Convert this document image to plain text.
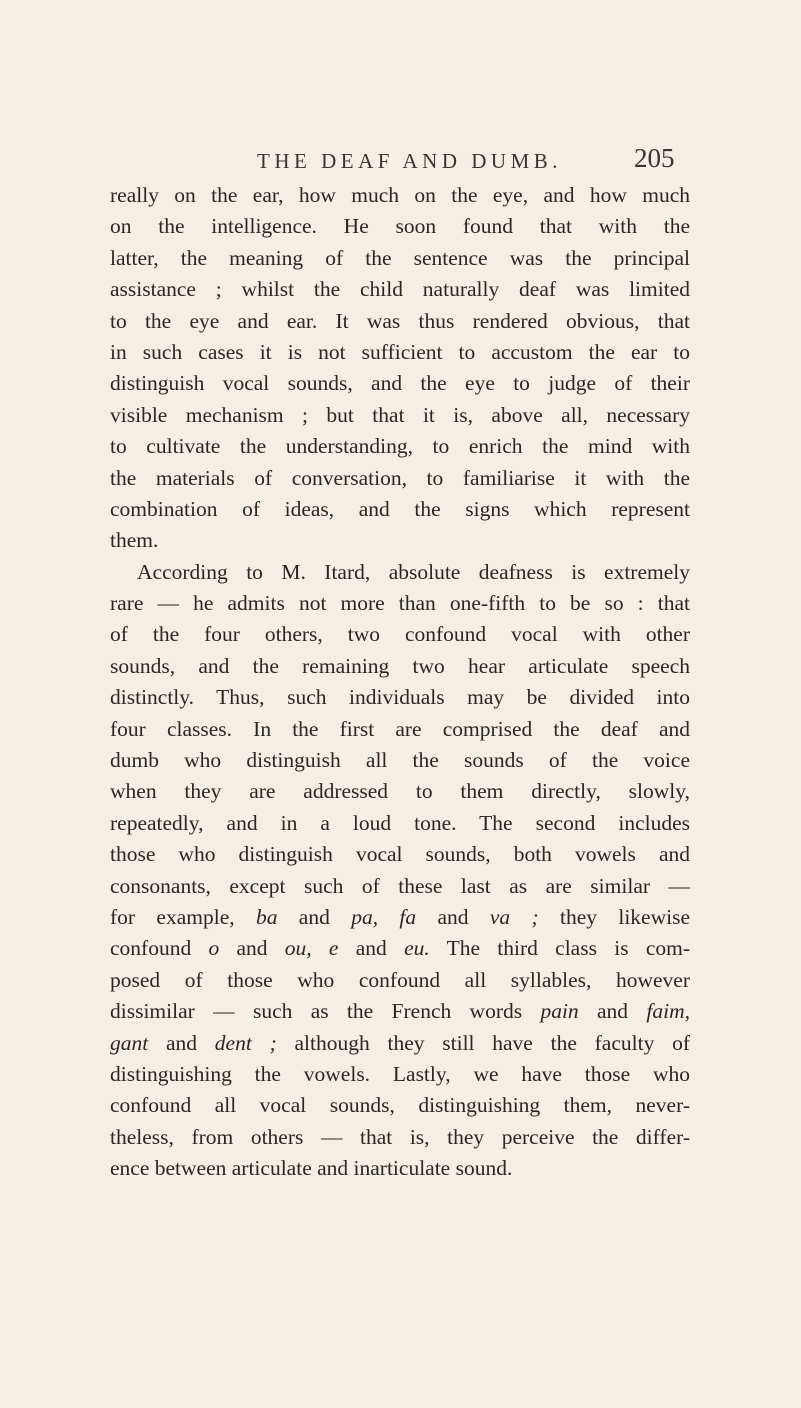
THE DEAF AND DUMB.	205
really on the ear, how much on the eye, and how much
on the intelligence. He soon found that with the
latter, the meaning of the sentence was the principal
assistance ; whilst the child naturally deaf was limited
to the eye and ear. It was thus rendered obvious, that
in such cases it is not sufficient to accustom the ear to
distinguish vocal sounds, and the eye to judge of their
visible mechanism ; but that it is, above all, necessary
to cultivate the understanding, to enrich the mind with
the materials of conversation, to familiarise it with the
combination of ideas, and the signs which represent
them.
According to M. Itard, absolute deafness is extremely
rare — he admits not more than one-fifth to be so : that
of the four others, two confound vocal with other
sounds, and the remaining two hear articulate speech
distinctly. Thus, such individuals may be divided into
four classes. In the first are comprised the deaf and
dumb who distinguish all the sounds of the voice
when they are addressed to them directly, slowly,
repeatedly, and in a loud tone. The second includes
those who distinguish vocal sounds, both vowels and
consonants, except such of these last as are similar —
for example, ba and pa, fa and va ; they likewise
confound o and ou, e and eu. The third class is com-
posed of those who confound all syllables, however
dissimilar — such as the French words pain and faim,
gant and dent ; although they still have the faculty of
distinguishing the vowels. Lastly, we have those who
confound all vocal sounds, distinguishing them, never-
theless, from others — that is, they perceive the differ-
ence between articulate and inarticulate sound.
